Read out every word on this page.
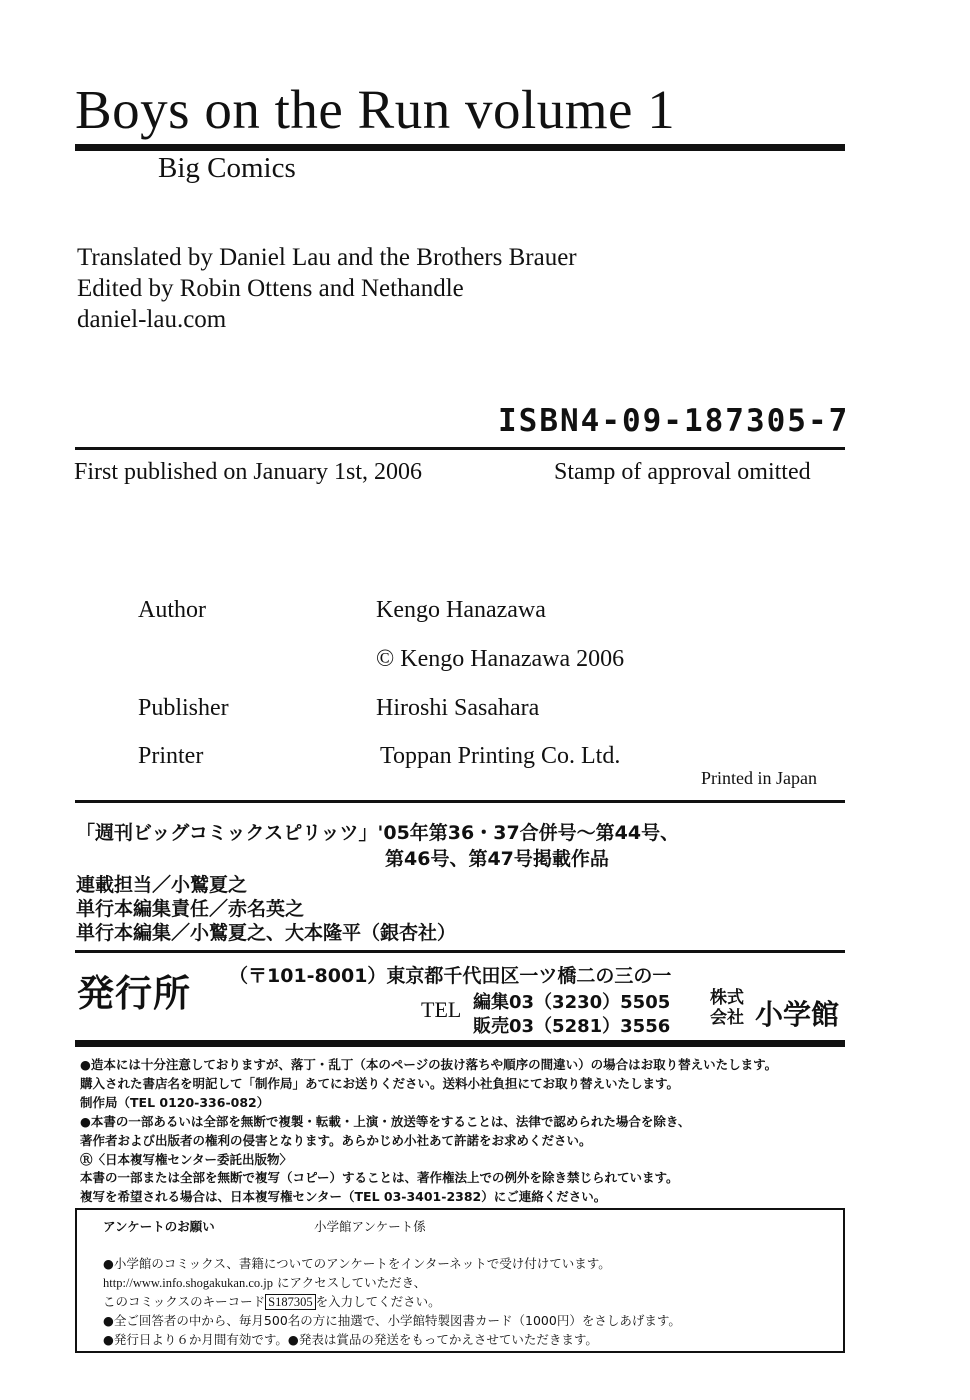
Boys on the Run volume 1
Big Comics
Translated by Daniel Lau and the Brothers Brauer
Edited by Robin Ottens and Nethandle
daniel-lau.com
ISBN4-09-187305-7
First published on January 1st, 2006	Stamp of approval omitted
Author	Kengo Hanazawa
© Kengo Hanazawa 2006
Publisher	Hiroshi Sasahara
Printer	Toppan Printing Co. Ltd.
Printed in Japan
「週刊ビッグコミックスピリッツ」'05年第36・37合併号〜第44号、
第46号、第47号掲載作品
連載担当／小鷲夏之
単行本編集責任／赤名英之
単行本編集／小鷲夏之、大本隆平（銀杏社）
発行所 （〒101-8001）東京都千代田区一ツ橋二の三の一
TEL 編集03（3230）5505
販売03（5281）3556
株式
会社 小学館
●造本には十分注意しておりますが、落丁・乱丁（本のページの抜け落ちや順序の間違い）の場合はお取り替えいたします。
購入された書店名を明記して「制作局」あてにお送りください。送料小社負担にてお取り替えいたします。
制作局（TEL 0120-336-082）
●本書の一部あるいは全部を無断で複製・転載・上演・放送等をすることは、法律で認められた場合を除き、
著作者および出版者の権利の侵害となります。あらかじめ小社あて許諾をお求めください。
Ⓡ〈日本複写権センター委託出版物〉
本書の一部または全部を無断で複写（コピー）することは、著作権法上での例外を除き禁じられています。
複写を希望される場合は、日本複写権センター（TEL 03-3401-2382）にご連絡ください。
アンケートのお願い	小学館アンケート係
●小学館のコミックス、書籍についてのアンケートをインターネットで受け付けています。
http://www.info.shogakukan.co.jp にアクセスしていただき、
このコミックスのキーコード S187305 を入力してください。
●全ご回答者の中から、毎月500名の方に抽選で、小学館特製図書カード（1000円）をさしあげます。
●発行日より６か月間有効です。●発表は賞品の発送をもってかえさせていただきます。
